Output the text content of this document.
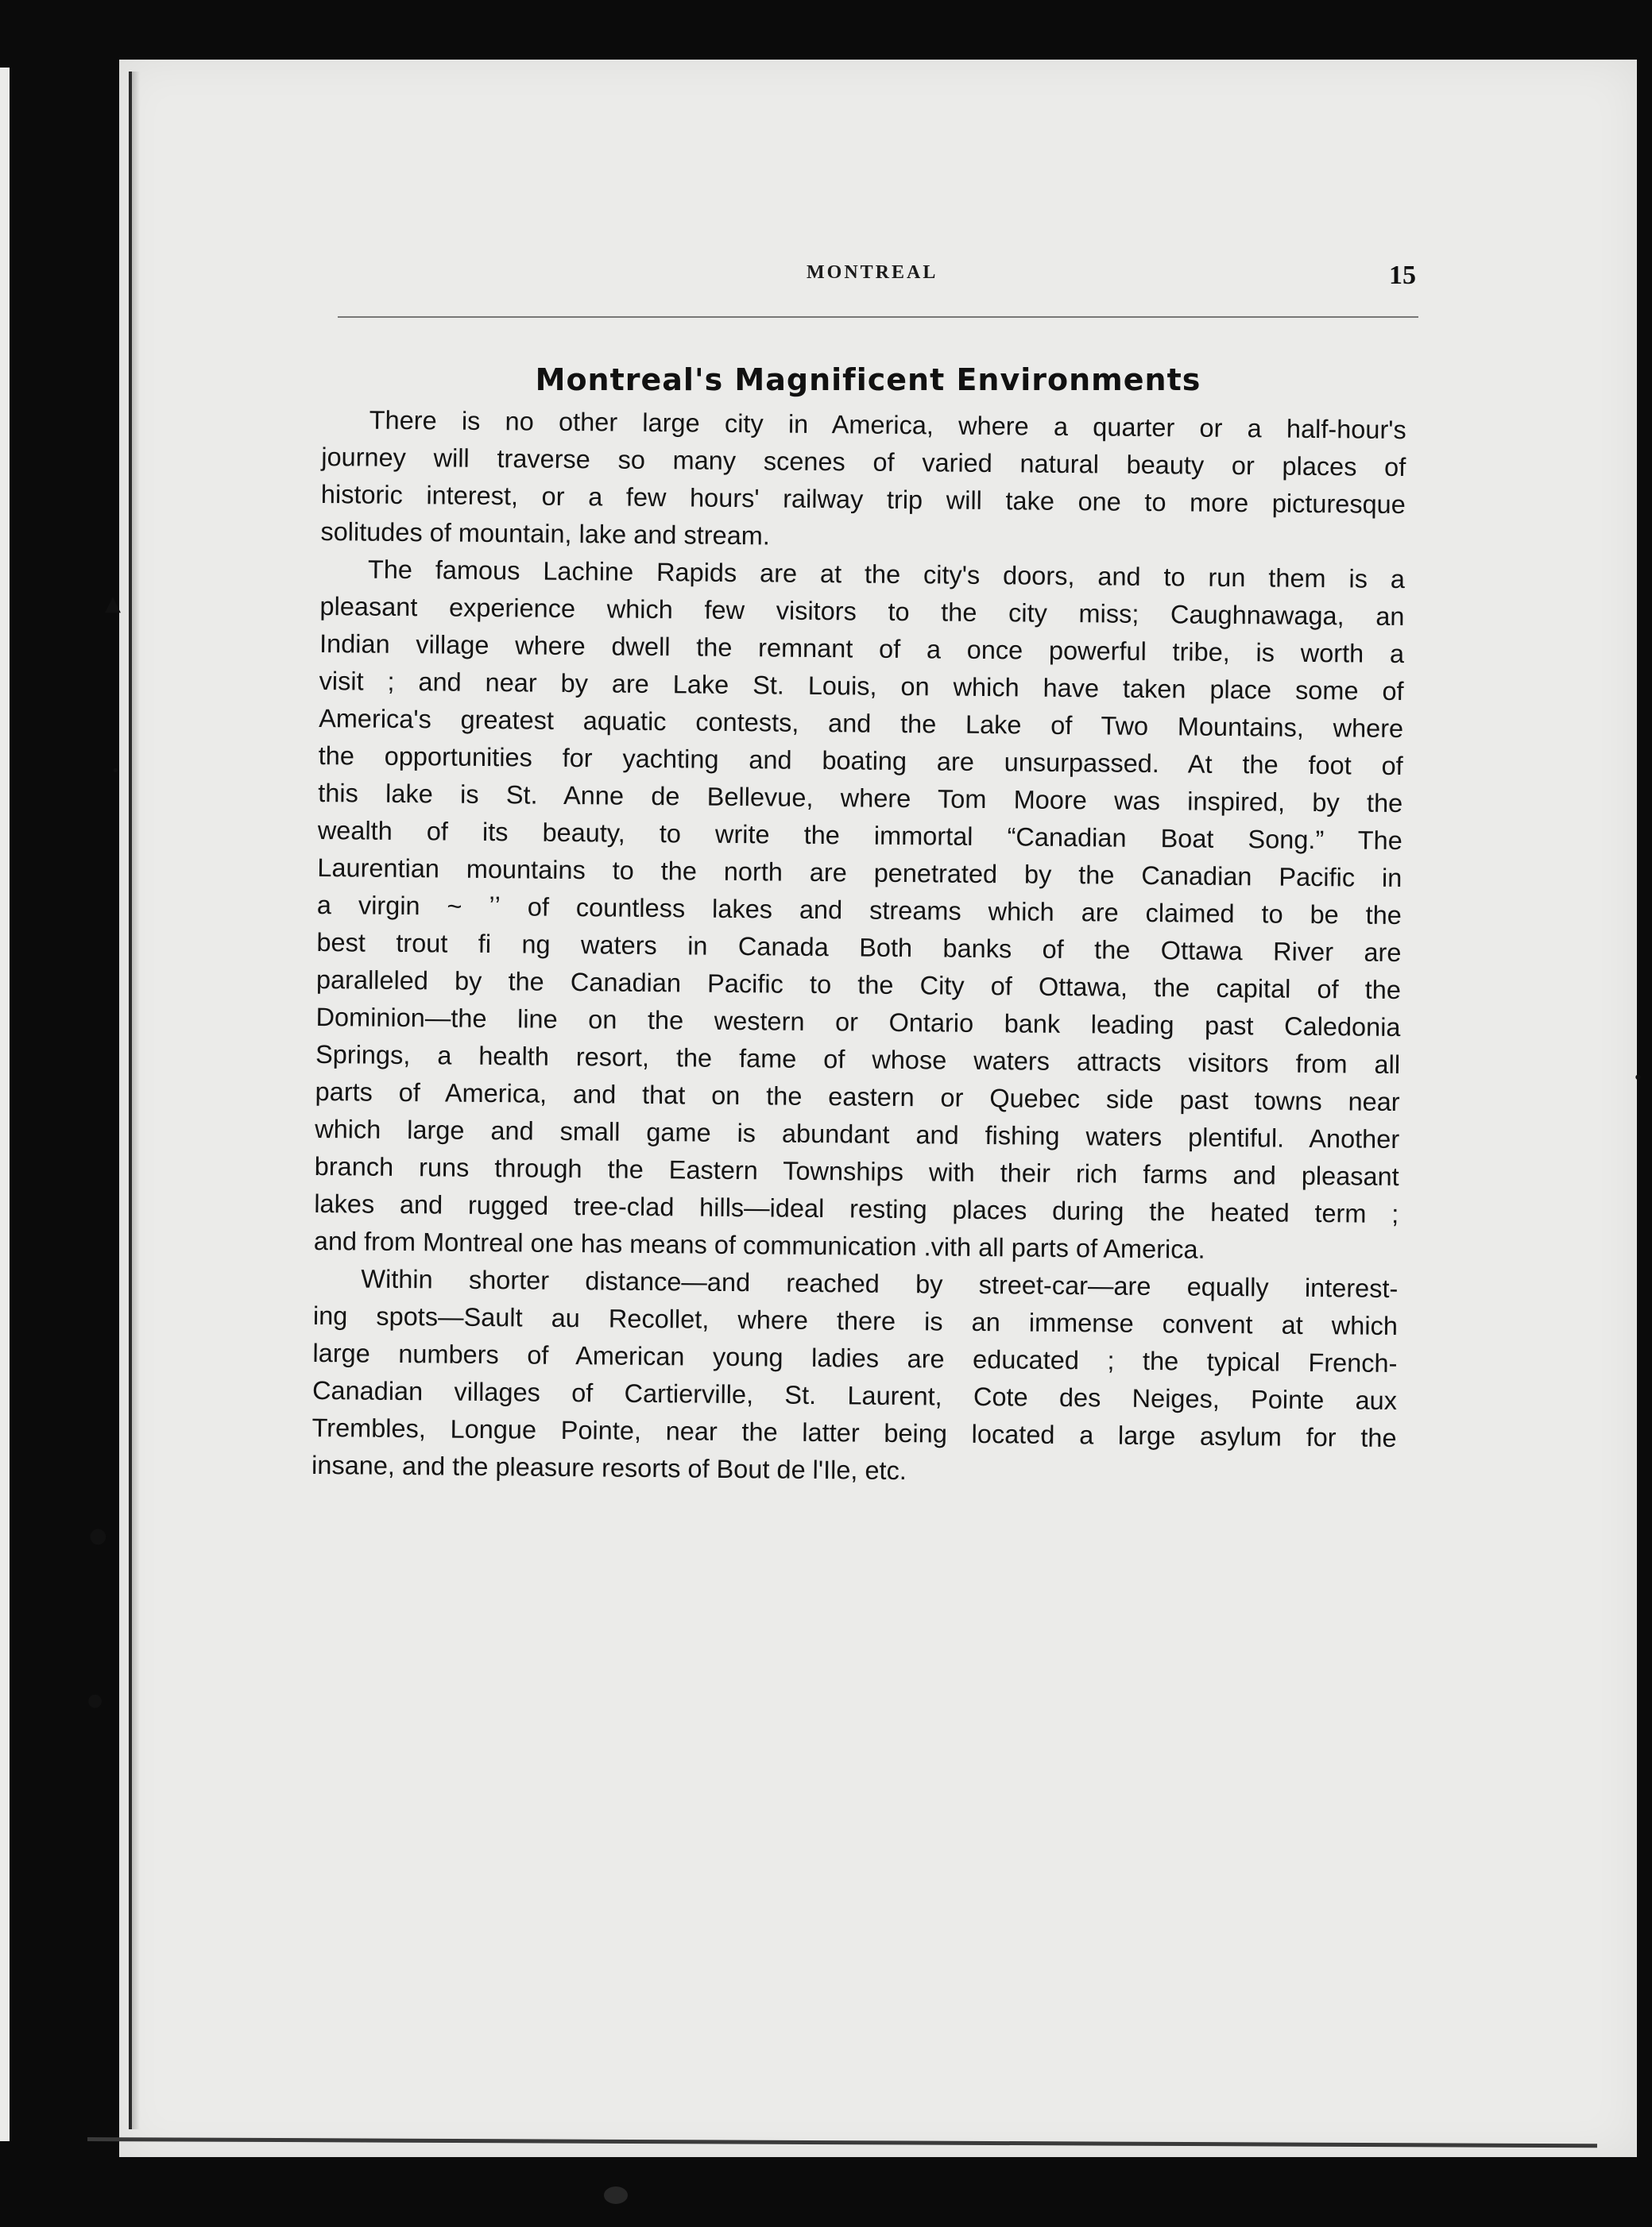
▲
•
●
●
•
MONTREAL	15
Montreal's Magnificent Environments
There is no other large city in America, where a quarter or a half-hour's
journey will traverse so many scenes of varied natural beauty or places of
historic interest, or a few hours' railway trip will take one to more picturesque
solitudes of mountain, lake and stream.
The famous Lachine Rapids are at the city's doors, and to run them is a
pleasant experience which few visitors to the city miss; Caughnawaga, an
Indian village where dwell the remnant of a once powerful tribe, is worth a
visit ; and near by are Lake St. Louis, on which have taken place some of
America's greatest aquatic contests, and the Lake of Two Mountains, where
the opportunities for yachting and boating are unsurpassed. At the foot of
this lake is St. Anne de Bellevue, where Tom Moore was inspired, by the
wealth of its beauty, to write the immortal “Canadian Boat Song.” The
Laurentian mountains to the north are penetrated by the Canadian Pacific in
a virgin ~ ʼʼ of countless lakes and streams which are claimed to be the
best trout fi ng waters in Canada Both banks of the Ottawa River are
paralleled by the Canadian Pacific to the City of Ottawa, the capital of the
Dominion—the line on the western or Ontario bank leading past Caledonia
Springs, a health resort, the fame of whose waters attracts visitors from all
parts of America, and that on the eastern or Quebec side past towns near
which large and small game is abundant and fishing waters plentiful. Another
branch runs through the Eastern Townships with their rich farms and pleasant
lakes and rugged tree-clad hills—ideal resting places during the heated term ;
and from Montreal one has means of communication .vith all parts of America.
Within shorter distance—and reached by street-car—are equally interest-
ing spots—Sault au Recollet, where there is an immense convent at which
large numbers of American young ladies are educated ; the typical French-
Canadian villages of Cartierville, St. Laurent, Cote des Neiges, Pointe aux
Trembles, Longue Pointe, near the latter being located a large asylum for the
insane, and the pleasure resorts of Bout de l'Ile, etc.
